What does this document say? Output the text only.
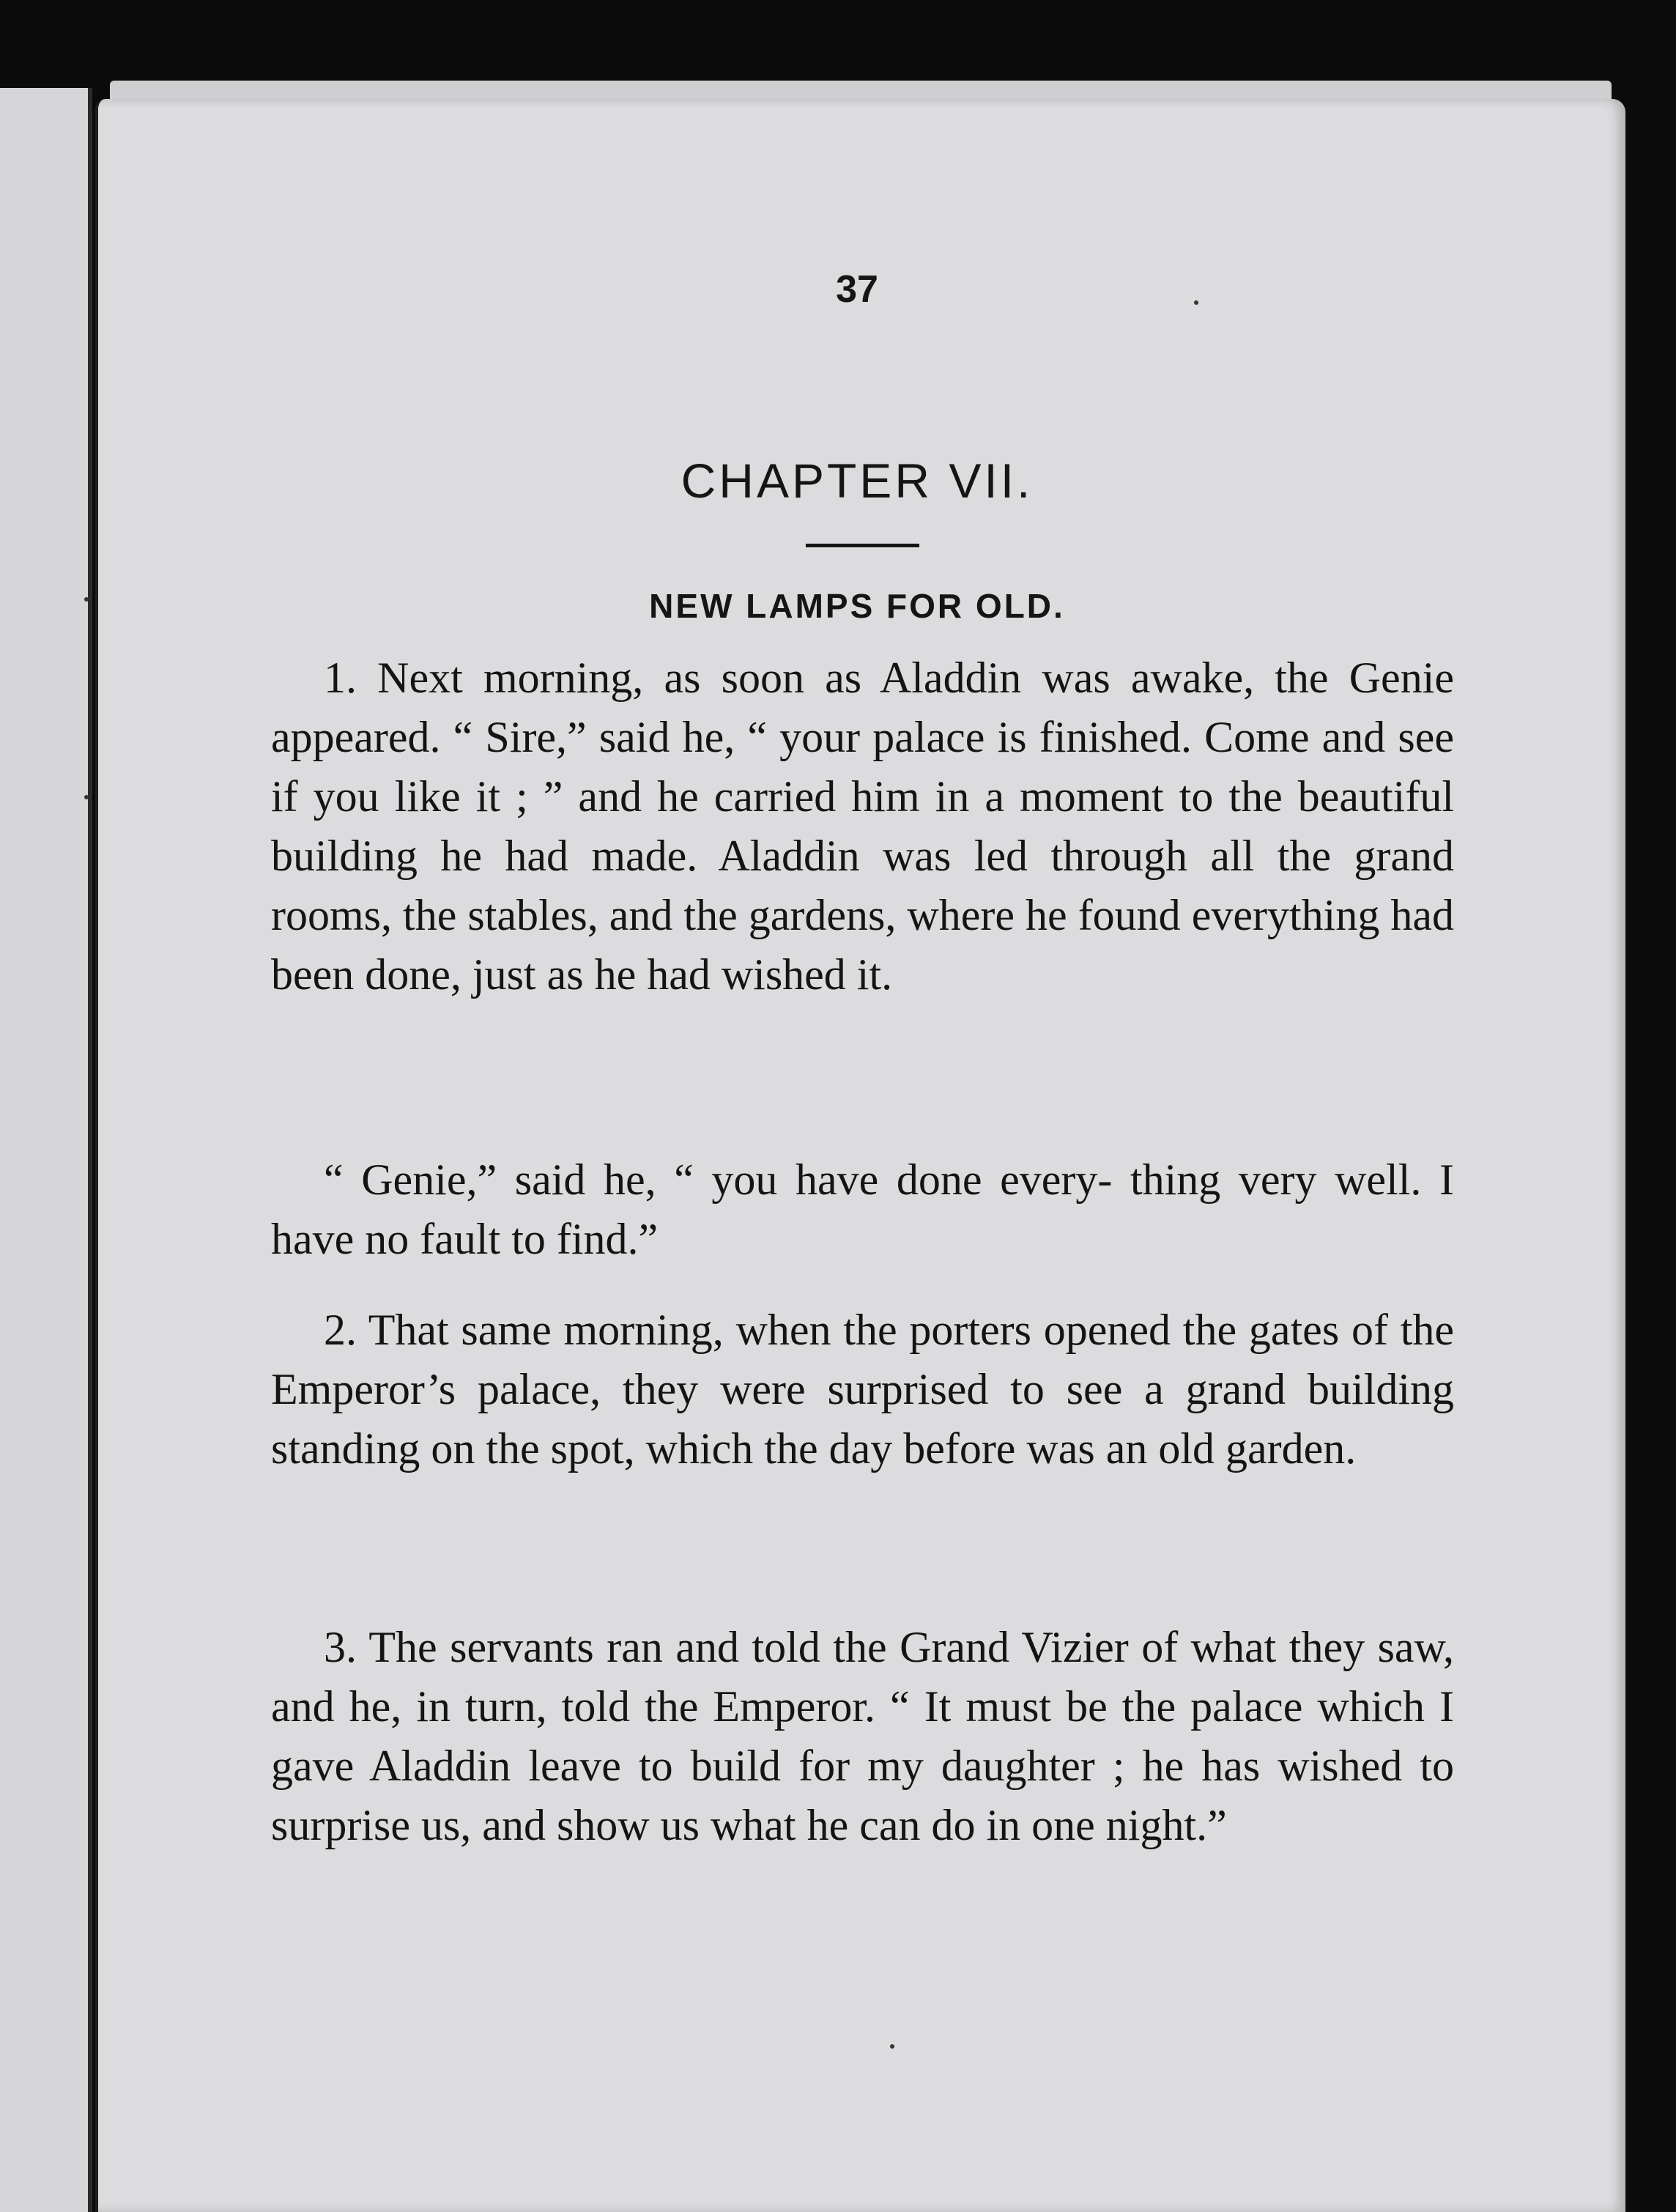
37
CHAPTER VII.
NEW LAMPS FOR OLD.

1. Next morning, as soon as Aladdin was awake, the Genie appeared. “ Sire,” said he, “ your palace is finished. Come and see if you like it ; ” and he carried him in a moment to the beautiful building he had made. Aladdin was led through all the grand rooms, the stables, and the gardens, where he found everything had been done, just as he had wished it.

“ Genie,” said he, “ you have done every- thing very well. I have no fault to find.”

2. That same morning, when the porters opened the gates of the Emperor’s palace, they were surprised to see a grand building standing on the spot, which the day before was an old garden.

3. The servants ran and told the Grand Vizier of what they saw, and he, in turn, told the Emperor. “ It must be the palace which I gave Aladdin leave to build for my daughter ; he has wished to surprise us, and show us what he can do in one night.”
